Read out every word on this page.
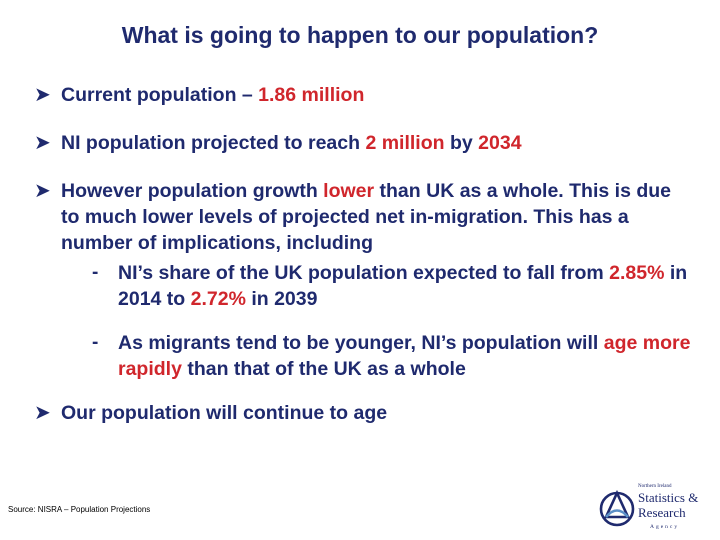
What is going to happen to our population?
➤ Current population – 1.86 million
➤ NI population projected to reach 2 million by 2034
➤ However population growth lower than UK as a whole. This is due to much lower levels of projected net in-migration. This has a number of implications, including
-	NI’s share of the UK population expected to fall from 2.85% in 2014 to 2.72% in 2039
-	As migrants tend to be younger, NI’s population will age more rapidly than that of the UK as a whole
➤ Our population will continue to age
Source: NISRA – Population Projections
Northern Ireland
Statistics &
Research
Agency
